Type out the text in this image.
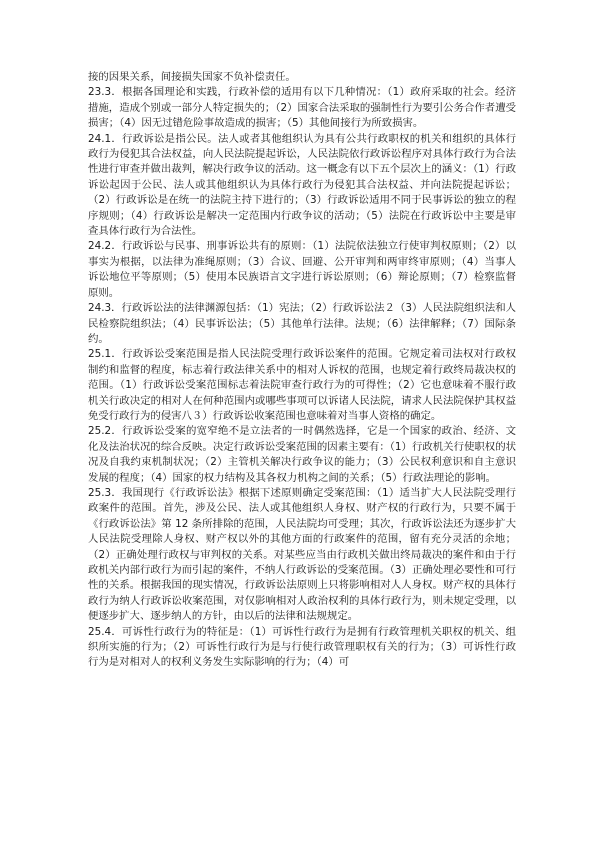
接的因果关系，间接损失国家不负补偿责任。

23.3．根据各国理论和实践，行政补偿的适用有以下几种情况：（1）政府采取的社会。经济措施，造成个别或一部分人特定损失的；（2）国家合法采取的强制性行为要引公务合作者遭受损害；（4）因无过错危险事故造成的损害；（5）其他间接行为所致损害。

24.1．行政诉讼是指公民。法人或者其他组织认为具有公共行政职权的机关和组织的具体行政行为侵犯其合法权益，向人民法院提起诉讼，人民法院依行政诉讼程序对具体行政行为合法性进行审查并做出裁判，解决行政争议的活动。这一概念有以下五个层次上的涵义：（1）行政诉讼起因于公民、法人或其他组织认为具体行政行为侵犯其合法权益、并向法院提起诉讼；（2）行政诉讼是在统一的法院主持下进行的；（3）行政诉讼适用不同于民事诉讼的独立的程序规则；（4）行政诉讼是解决一定范围内行政争议的活动；（5）法院在行政诉讼中主要是审查具体行政行为合法性。

24.2．行政诉讼与民事、刑事诉讼共有的原则：（1）法院依法独立行使审判权原则；（2）以事实为根据，以法律为准绳原则；（3）合议、回避、公开审判和两审终审原则；（4）当事人诉讼地位平等原则；（5）使用本民族语言文字进行诉讼原则；（6）辩论原则；（7）检察监督原则。

24.3．行政诉讼法的法律渊源包括：（1）宪法；（2）行政诉讼法２（3）人民法院组织法和人民检察院组织法；（4）民事诉讼法；（5）其他单行法律。法规；（6）法律解释；（7）国际条约。

25.1．行政诉讼受案范围是指人民法院受理行政诉讼案件的范围。它规定着司法权对行政权制约和监督的程度，标志着行政法律关系中的相对人诉权的范围，也规定着行政终局裁决权的范围。（1）行政诉讼受案范围标志着法院审查行政行为的可得性；（2）它也意味着不服行政机关行政决定的相对人在何种范围内或哪些事项可以诉诸人民法院，请求人民法院保护其权益免受行政行为的侵害八３）行政诉讼收案范围也意味着对当事人资格的确定。

25.2．行政诉讼受案的宽窄绝不是立法者的一时偶然选择，它是一个国家的政治、经济、文化及法治状况的综合反映。决定行政诉讼受案范围的因素主要有：（1）行政机关行使职权的状况及自我约束机制状况；（2）主管机关解决行政争议的能力；（3）公民权利意识和自主意识发展的程度；（4）国家的权力结构及其各权力机构之间的关系；（5）行政法理论的影响。

25.3．我国现行《行政诉讼法》根据下述原则确定受案范围：（1）适当扩大人民法院受理行政案件的范围。首先，涉及公民、法人或其他组织人身权、财产权的行政行为，只要不属于《行政诉讼法》第 12 条所排除的范围，人民法院均可受理；其次，行政诉讼法还为逐步扩大人民法院受理除人身权、财产权以外的其他方面的行政案件的范围，留有充分灵活的余地；（2）正确处理行政权与审判权的关系。对某些应当由行政机关做出终局裁决的案件和由于行政机关内部行政行为而引起的案件，不纳人行政诉讼的受案范围。（3）正确处理必要性和可行性的关系。根据我国的现实情况，行政诉讼法原则上只将影响相对人人身权。财产权的具体行政行为纳人行政诉讼收案范围，对仅影响相对人政治权利的具体行政行为，则未规定受理，以便逐步扩大、逐步纳人的方针，由以后的法律和法规规定。

25.4．可诉性行政行为的特征是：（1）可诉性行政行为是拥有行政管理机关职权的机关、组织所实施的行为；（2）可诉性行政行为是与行使行政管理职权有关的行为；（3）可诉性行政行为是对相对人的权利义务发生实际影响的行为；（4）可
